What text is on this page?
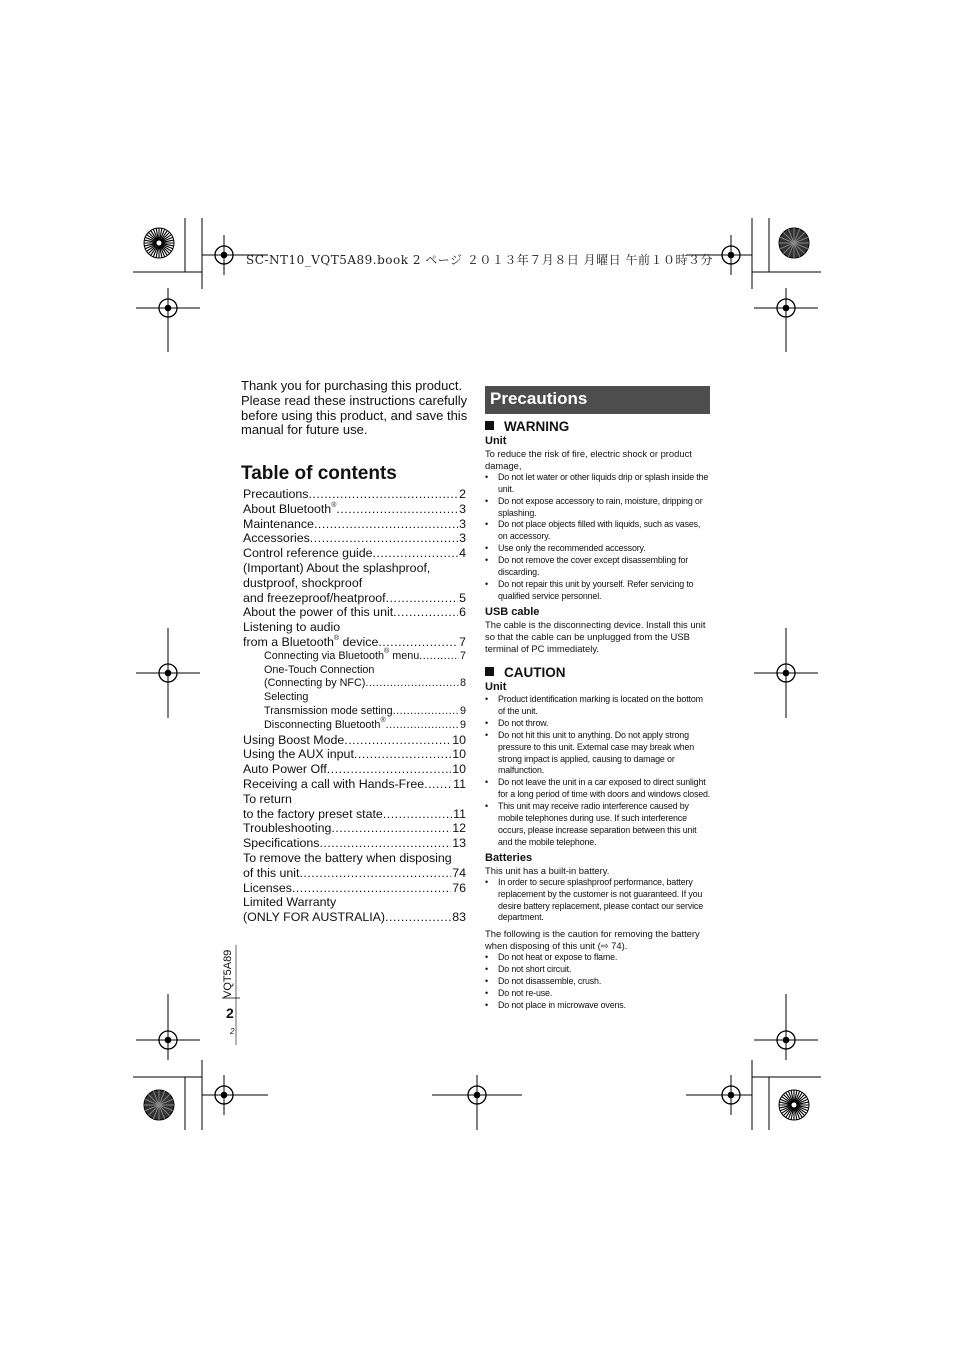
SC-NT10_VQT5A89.book 2 ページ ２０１３年７月８日 月曜日 午前１０時３分
Thank you for purchasing this product. Please read these instructions carefully before using this product, and save this manual for future use.
Table of contents
Precautions .....	2
About Bluetooth® .....	3
Maintenance .....	3
Accessories .....	3
Control reference guide .....	4
(Important) About the splashproof,
dustproof, shockproof
and freezeproof/heatproof .....	5
About the power of this unit .....	6
Listening to audio
from a Bluetooth® device .....	7
Connecting via Bluetooth® menu .....	7
One-Touch Connection
(Connecting by NFC) .....	8
Selecting
Transmission mode setting .....	9
Disconnecting Bluetooth® .....	9
Using Boost Mode .....	10
Using the AUX input .....	10
Auto Power Off .....	10
Receiving a call with Hands-Free ..... 11
To return
to the factory preset state .....	11
Troubleshooting .....	12
Specifications .....	13
To remove the battery when disposing
of this unit .....	74
Licenses .....	76
Limited Warranty
(ONLY FOR AUSTRALIA) .....	83
Precautions
WARNING
Unit
To reduce the risk of fire, electric shock or product damage,
• Do not let water or other liquids drip or splash inside the unit.
• Do not expose accessory to rain, moisture, dripping or splashing.
• Do not place objects filled with liquids, such as vases, on accessory.
• Use only the recommended accessory.
• Do not remove the cover except disassembling for discarding.
• Do not repair this unit by yourself. Refer servicing to qualified service personnel.
USB cable
The cable is the disconnecting device. Install this unit so that the cable can be unplugged from the USB terminal of PC immediately.
CAUTION
Unit
• Product identification marking is located on the bottom of the unit.
• Do not throw.
• Do not hit this unit to anything. Do not apply strong pressure to this unit. External case may break when strong impact is applied, causing to damage or malfunction.
• Do not leave the unit in a car exposed to direct sunlight for a long period of time with doors and windows closed.
• This unit may receive radio interference caused by mobile telephones during use. If such interference occurs, please increase separation between this unit and the mobile telephone.
Batteries
This unit has a built-in battery.
• In order to secure splashproof performance, battery replacement by the customer is not guaranteed. If you desire battery replacement, please contact our service department.
The following is the caution for removing the battery when disposing of this unit (⇨ 74).
• Do not heat or expose to flame.
• Do not short circuit.
• Do not disassemble, crush.
• Do not re-use.
• Do not place in microwave ovens.
VQT5A89
2
2
